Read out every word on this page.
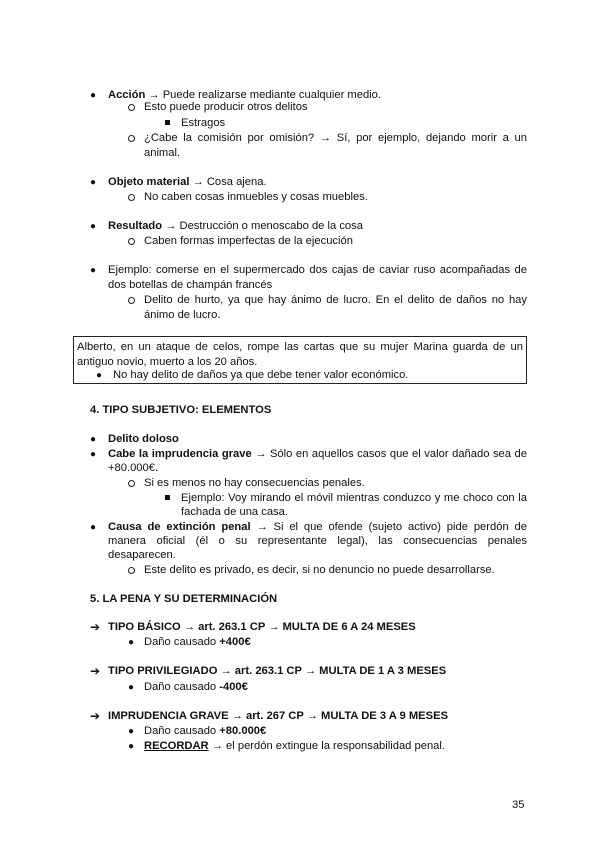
● Acción → Puede realizarse mediante cualquier medio.
Esto puede producir otros delitos
Estragos
¿Cabe la comisión por omisión? → Sí, por ejemplo, dejando morir a un
animal.
● Objeto material → Cosa ajena.
No caben cosas inmuebles y cosas muebles.
● Resultado → Destrucción o menoscabo de la cosa
Caben formas imperfectas de la ejecución
● Ejemplo: comerse en el supermercado dos cajas de caviar ruso acompañadas de
dos botellas de champán francés
Delito de hurto, ya que hay ánimo de lucro. En el delito de daños no hay
ánimo de lucro.
Alberto, en un ataque de celos, rompe las cartas que su mujer Marina guarda de un
antiguo novio, muerto a los 20 años.
● No hay delito de daños ya que debe tener valor económico.
4. TIPO SUBJETIVO: ELEMENTOS
● Delito doloso
● Cabe la imprudencia grave → Sólo en aquellos casos que el valor dañado sea de
+80.000€.
Si es menos no hay consecuencias penales.
Ejemplo: Voy mirando el móvil mientras conduzco y me choco con la
fachada de una casa.
● Causa de extinción penal → Si el que ofende (sujeto activo) pide perdón de
manera oficial (él o su representante legal), las consecuencias penales
desaparecen.
Este delito es privado, es decir, si no denuncio no puede desarrollarse.
5. LA PENA Y SU DETERMINACIÓN
➔ TIPO BÁSICO → art. 263.1 CP → MULTA DE 6 A 24 MESES
● Daño causado +400€
➔ TIPO PRIVILEGIADO → art. 263.1 CP → MULTA DE 1 A 3 MESES
● Daño causado -400€
➔ IMPRUDENCIA GRAVE → art. 267 CP → MULTA DE 3 A 9 MESES
● Daño causado +80.000€
● RECORDAR → el perdón extingue la responsabilidad penal.
35
